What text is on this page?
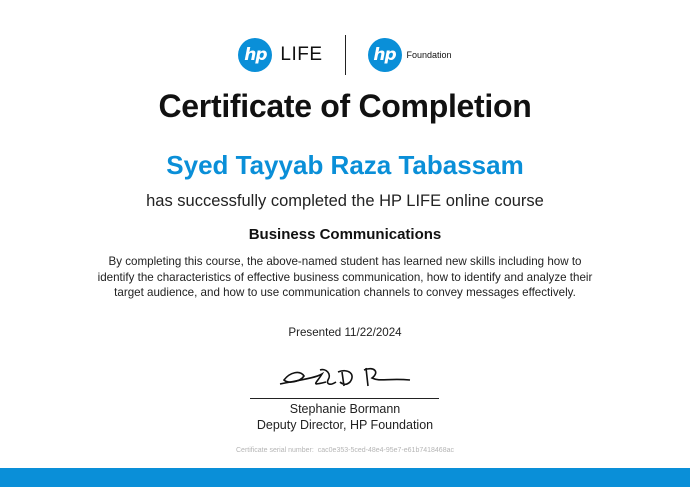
hp LIFE	hp	Foundation
Certificate of Completion
Syed Tayyab Raza Tabassam
has successfully completed the HP LIFE online course
Business Communications
By completing this course, the above-named student has learned new skills including how to identify the characteristics of effective business communication, how to identify and analyze their target audience, and how to use communication channels to convey messages effectively.
Presented 11/22/2024
Stephanie Bormann
Deputy Director, HP Foundation
Certificate serial number: cac0e353-5ced-48e4-95e7-e61b7418468ac
